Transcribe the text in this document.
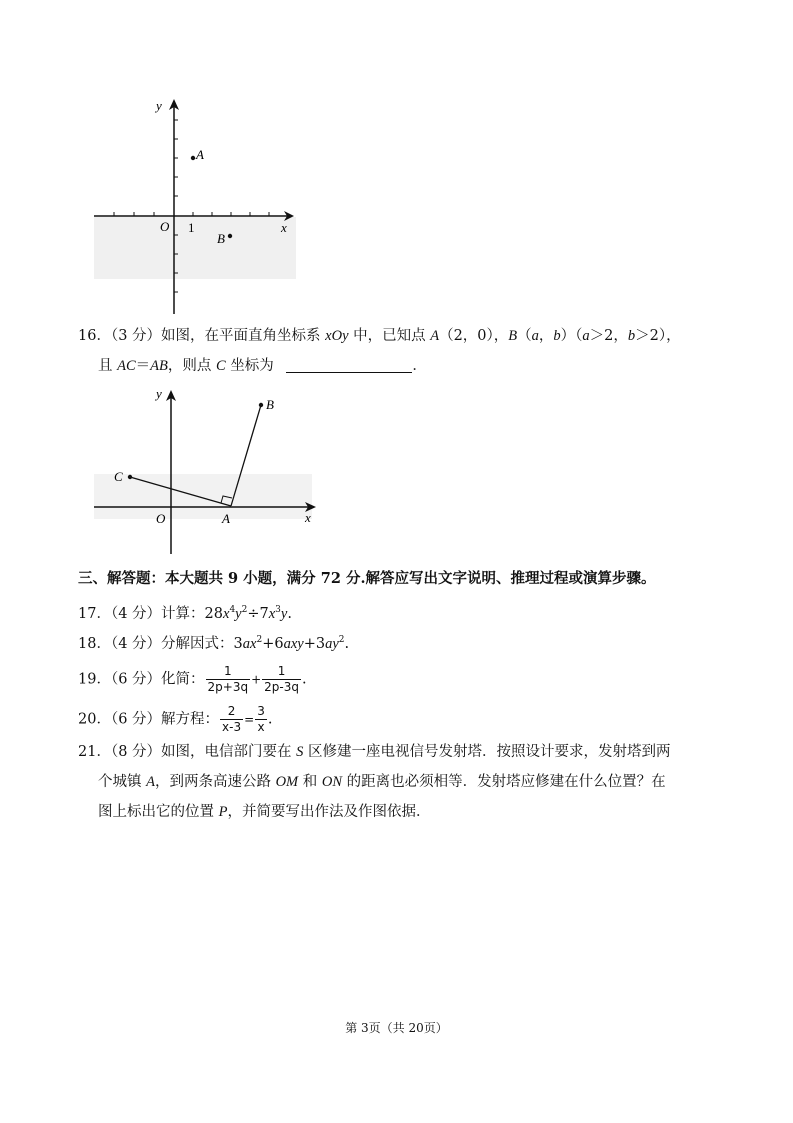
y
x
O 1
A
B
16．（3 分）如图，在平面直角坐标系 xOy 中，已知点 A（2，0），B（a，b）（a＞2，b＞2），
且 AC＝AB，则点 C 坐标为	．
y
x
O	A
B
C
三、解答题：本大题共 9 小题，满分 72 分.解答应写出文字说明、推理过程或演算步骤。
17．（4 分）计算：$28x^4y^2\div 7x^3y$.
18．（4 分）分解因式：$3ax^2+6axy+3ay^2$.
19．（6 分）化简： $\frac{1}{2p+3q} + \frac{1}{2p-3q}$ .
20．（6 分）解方程： $\frac{2}{x-3} = \frac{3}{x}$ .
21．（8 分）如图，电信部门要在 S 区修建一座电视信号发射塔．按照设计要求，发射塔到两
个城镇 A，到两条高速公路 OM 和 ON 的距离也必须相等．发射塔应修建在什么位置？在
图上标出它的位置 P，并简要写出作法及作图依据．
第 3页（共 20页）
